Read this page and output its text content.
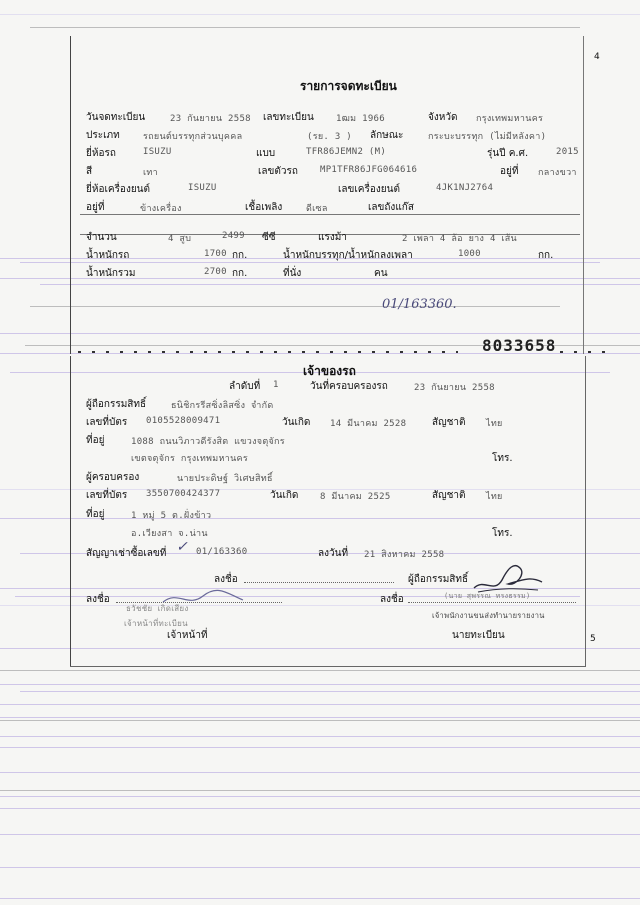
4
รายการจดทะเบียน
วันจดทะเบียน	23 กันยายน 2558 เลขทะเบียน 1ฒม 1966	จังหวัด กรุงเทพมหานคร
ประเภท	รถยนต์บรรทุกส่วนบุคคล	(รย. 3 ) ลักษณะ	กระบะบรรทุก (ไม่มีหลังคา)
ยี่ห้อรถ	ISUZU	แบบ	TFR86JEMN2 (M)	รุ่นปี ค.ศ.	2015
สี	เทา	เลขตัวรถ MP1TFR86JFG064616	อยู่ที่ กลางขวา
ยี่ห้อเครื่องยนต์	ISUZU	เลขเครื่องยนต์	4JK1NJ2764
อยู่ที่	ข้างเครื่อง	เชื้อเพลิง	ดีเซล	เลขถังแก๊ส
จำนวน	4 สูบ	2499 ซีซี	แรงม้า	2 เพลา 4 ล้อ ยาง 4 เส้น
น้ำหนักรถ	1700 กก.	น้ำหนักบรรทุก/น้ำหนักลงเพลา	1000	กก.
น้ำหนักรวม	2700 กก.	ที่นั่ง	คน
01/163360.
8033658
เจ้าของรถ
ลำดับที่ 1	วันที่ครอบครองรถ	23 กันยายน 2558
ผู้ถือกรรมสิทธิ์	ธนิชิกรรีสซิ่งลิสซิ่ง จำกัด
เลขที่บัตร 0105528009471	วันเกิด 14 มีนาคม 2528	สัญชาติ ไทย
ที่อยู่	1088 ถนนวิภาวดีรังสิต แขวงจตุจักร
เขตจตุจักร กรุงเทพมหานคร	โทร.
ผู้ครอบครอง	นายประดิษฐ์ วิเศษสิทธิ์
เลขที่บัตร 3550700424377	วันเกิด 8 มีนาคม 2525	สัญชาติ ไทย
ที่อยู่	1 หมู่ 5 ต.ฝั่งข้าว
อ.เวียงสา จ.น่าน	โทร.
สัญญาเช่าซื้อเลขที่	01/163360	ลงวันที่ 21 สิงหาคม 2558
✓
ลงชื่อ	ผู้ถือกรรมสิทธิ์
ลงชื่อ
ธวัชชัย เกิดเสียง
เจ้าหน้าที่ทะเบียน
เจ้าหน้าที่
ลงชื่อ	(นาย สุพรรณ ทรงธรรม)
เจ้าพนักงานขนส่งทำนายรายงาน
นายทะเบียน	5
